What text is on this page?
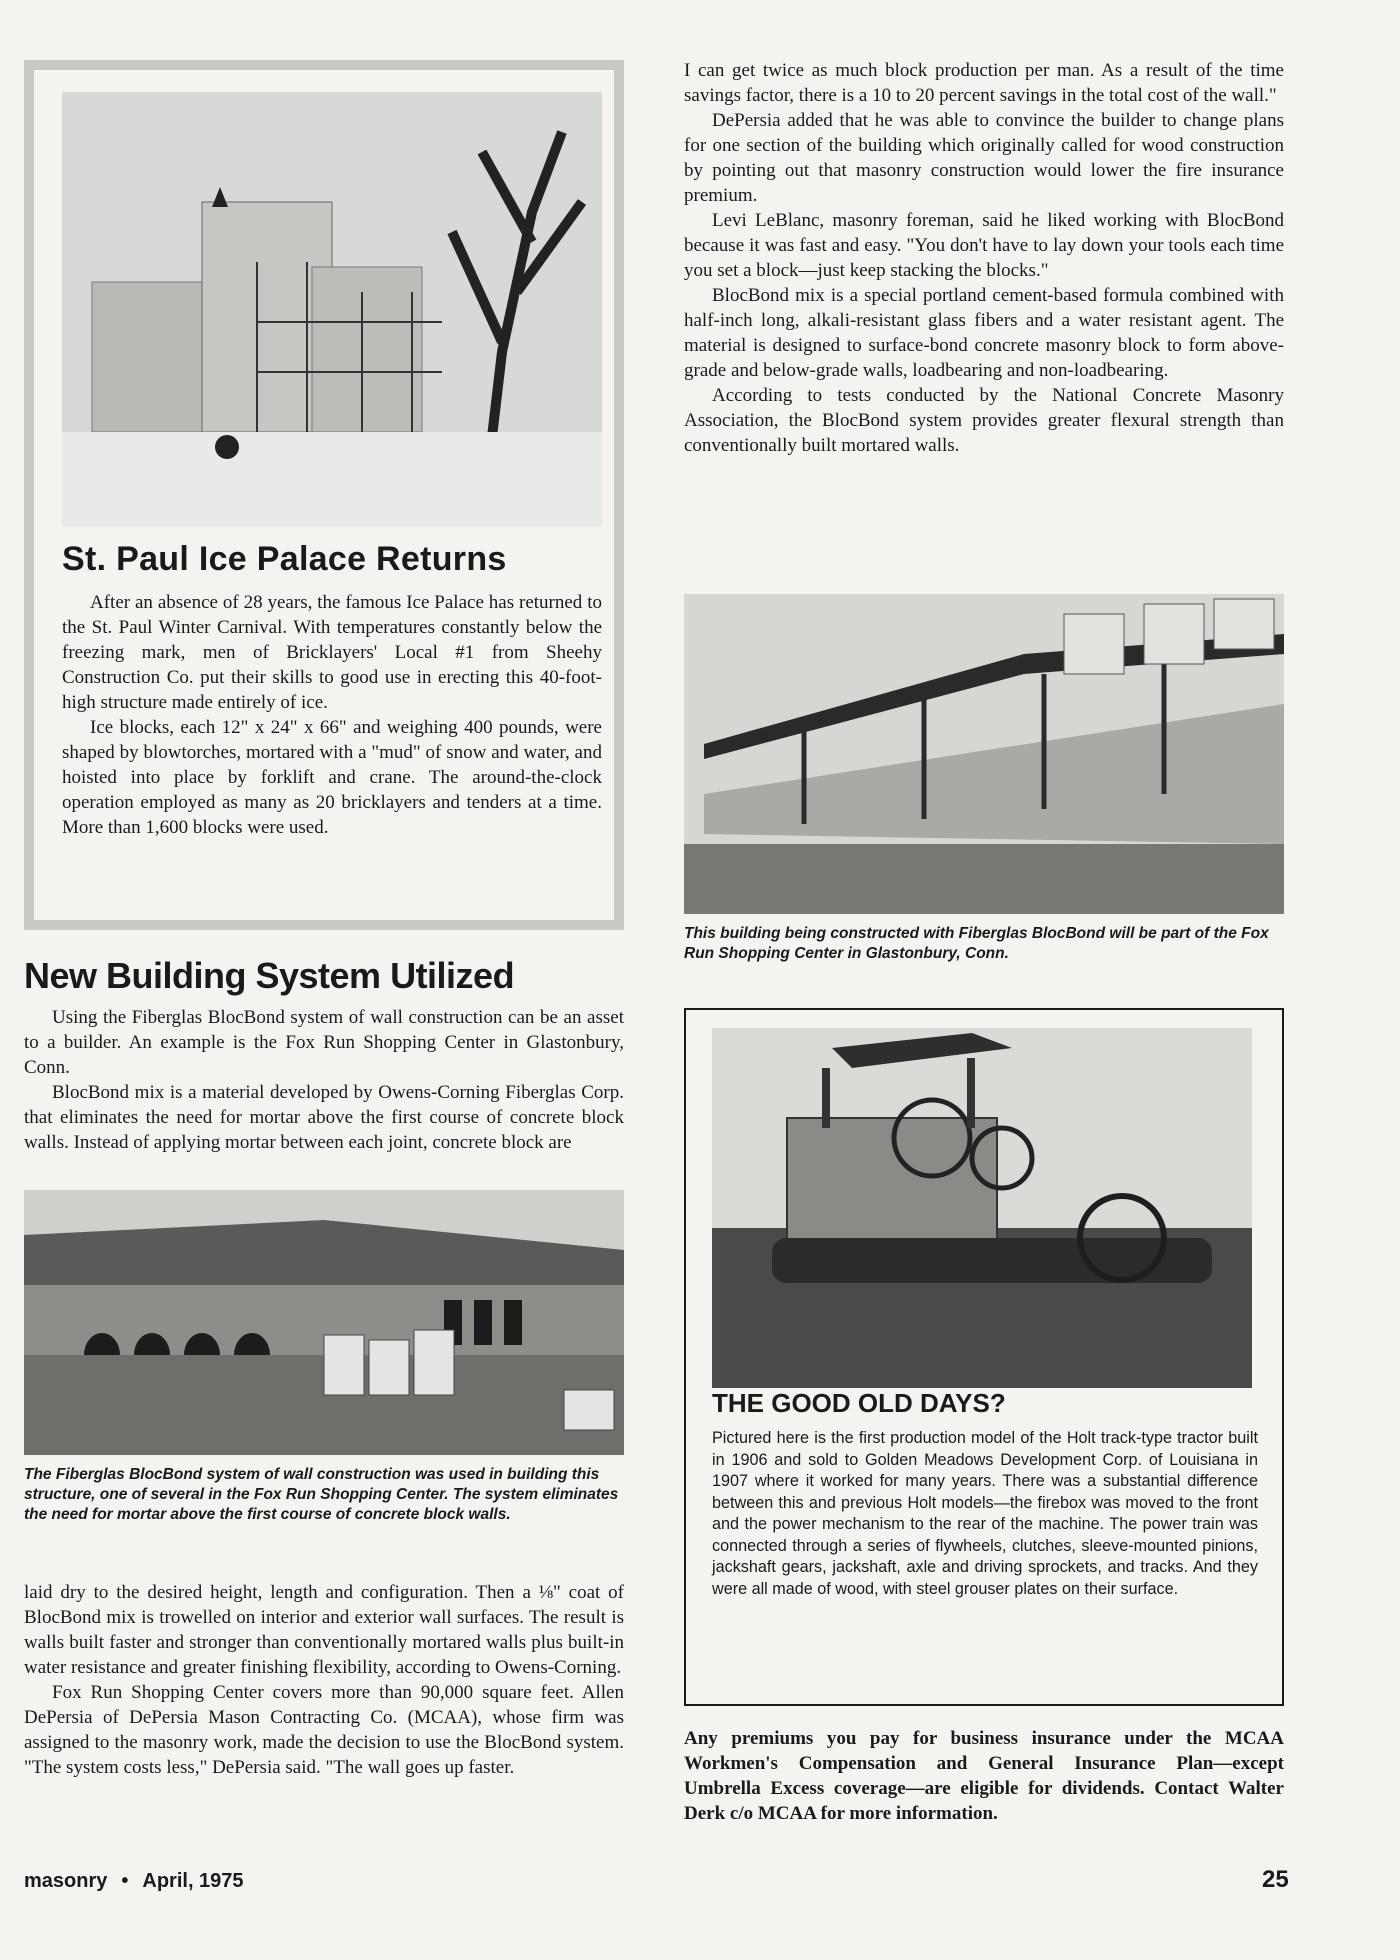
St. Paul Ice Palace Returns

After an absence of 28 years, the famous Ice Palace has returned to the St. Paul Winter Carnival. With temperatures constantly below the freezing mark, men of Bricklayers' Local #1 from Sheehy Construction Co. put their skills to good use in erecting this 40-foot-high structure made entirely of ice.

Ice blocks, each 12" x 24" x 66" and weighing 400 pounds, were shaped by blowtorches, mortared with a "mud" of snow and water, and hoisted into place by forklift and crane. The around-the-clock operation employed as many as 20 bricklayers and tenders at a time. More than 1,600 blocks were used.

New Building System Utilized

Using the Fiberglas BlocBond system of wall construction can be an asset to a builder. An example is the Fox Run Shopping Center in Glastonbury, Conn.

BlocBond mix is a material developed by Owens-Corning Fiberglas Corp. that eliminates the need for mortar above the first course of concrete block walls. Instead of applying mortar between each joint, concrete block are

The Fiberglas BlocBond system of wall construction was used in building this structure, one of several in the Fox Run Shopping Center. The system eliminates the need for mortar above the first course of concrete block walls.

laid dry to the desired height, length and configuration. Then a ⅛" coat of BlocBond mix is trowelled on interior and exterior wall surfaces. The result is walls built faster and stronger than conventionally mortared walls plus built-in water resistance and greater finishing flexibility, according to Owens-Corning.

Fox Run Shopping Center covers more than 90,000 square feet. Allen DePersia of DePersia Mason Contracting Co. (MCAA), whose firm was assigned to the masonry work, made the decision to use the BlocBond system. "The system costs less," DePersia said. "The wall goes up faster.

I can get twice as much block production per man. As a result of the time savings factor, there is a 10 to 20 percent savings in the total cost of the wall."

DePersia added that he was able to convince the builder to change plans for one section of the building which originally called for wood construction by pointing out that masonry construction would lower the fire insurance premium.

Levi LeBlanc, masonry foreman, said he liked working with BlocBond because it was fast and easy. "You don't have to lay down your tools each time you set a block—just keep stacking the blocks."

BlocBond mix is a special portland cement-based formula combined with half-inch long, alkali-resistant glass fibers and a water resistant agent. The material is designed to surface-bond concrete masonry block to form above-grade and below-grade walls, loadbearing and non-loadbearing.

According to tests conducted by the National Concrete Masonry Association, the BlocBond system provides greater flexural strength than conventionally built mortared walls.

This building being constructed with Fiberglas BlocBond will be part of the Fox Run Shopping Center in Glastonbury, Conn.

THE GOOD OLD DAYS?

Pictured here is the first production model of the Holt track-type tractor built in 1906 and sold to Golden Meadows Development Corp. of Louisiana in 1907 where it worked for many years. There was a substantial difference between this and previous Holt models—the firebox was moved to the front and the power mechanism to the rear of the machine. The power train was connected through a series of flywheels, clutches, sleeve-mounted pinions, jackshaft gears, jackshaft, axle and driving sprockets, and tracks. And they were all made of wood, with steel grouser plates on their surface.

Any premiums you pay for business insurance under the MCAA Workmen's Compensation and General Insurance Plan—except Umbrella Excess coverage—are eligible for dividends. Contact Walter Derk c/o MCAA for more information.

masonry • April, 1975	25
